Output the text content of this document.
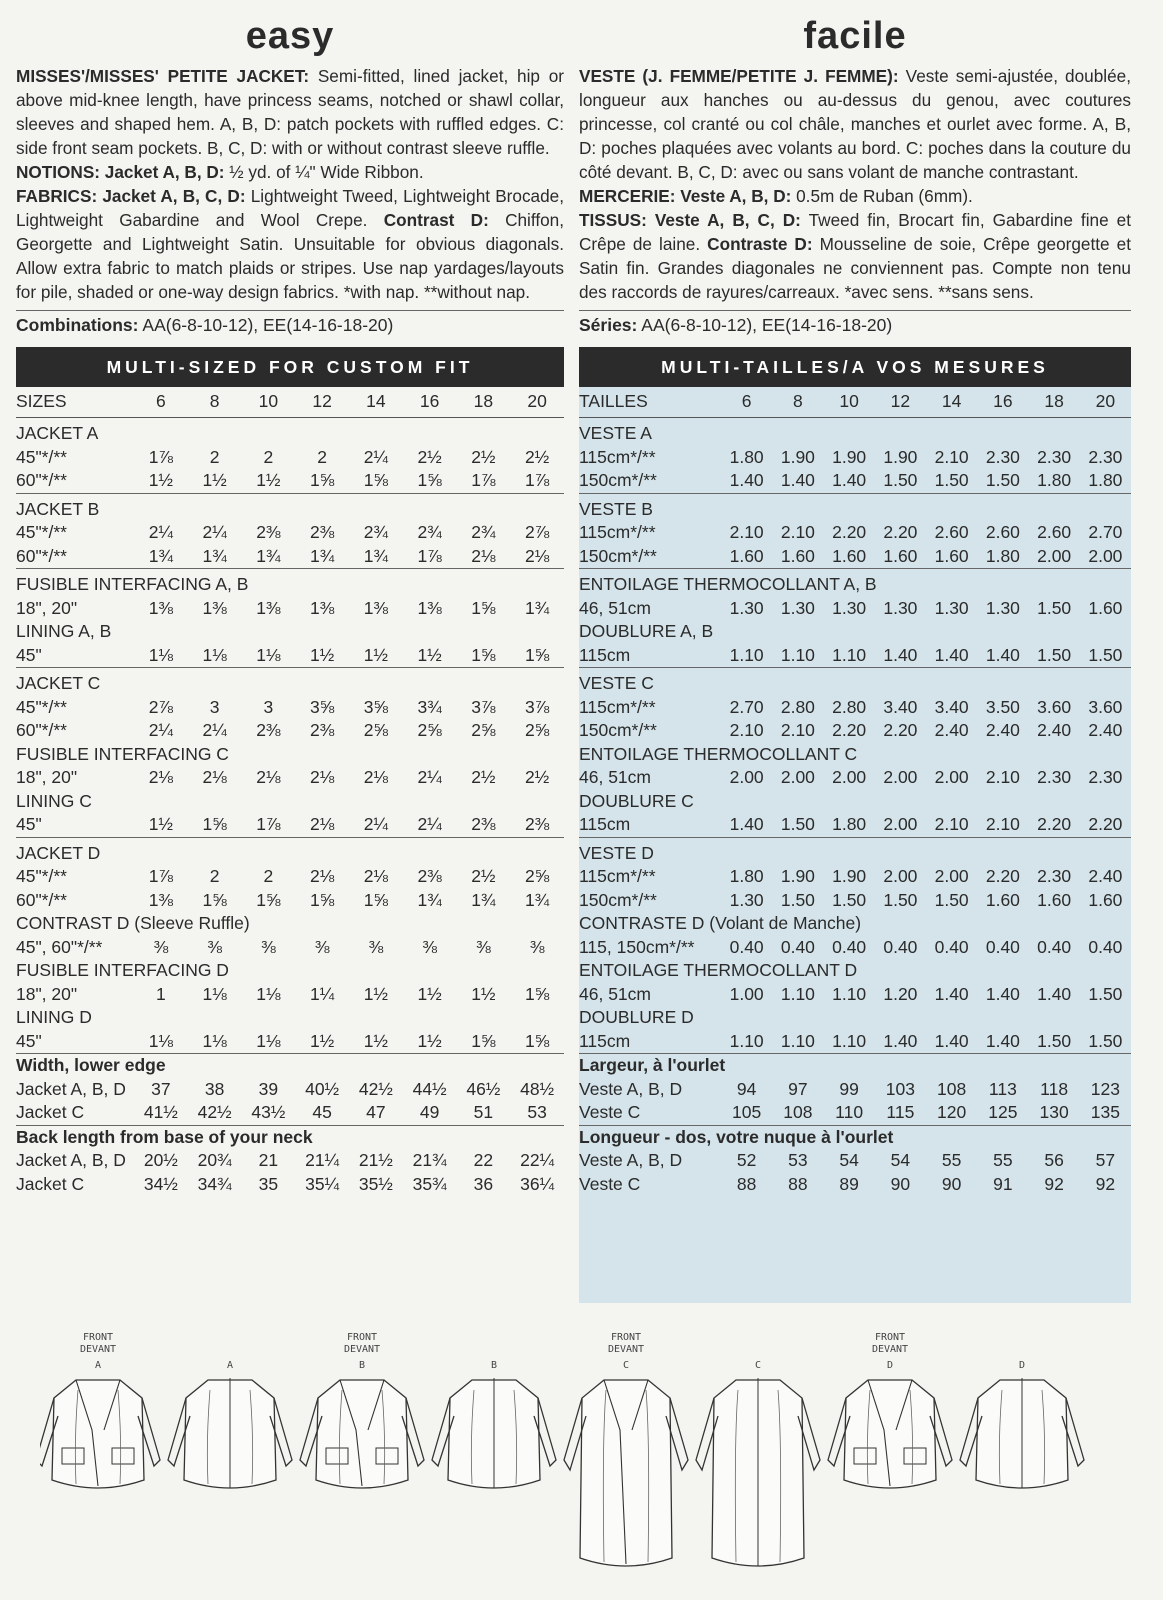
easy
MISSES'/MISSES' PETITE JACKET: Semi-fitted, lined jacket, hip or above mid-knee length, have princess seams, notched or shawl collar, sleeves and shaped hem. A, B, D: patch pockets with ruffled edges. C: side front seam pockets. B, C, D: with or without contrast sleeve ruffle.
NOTIONS: Jacket A, B, D: ½ yd. of ¼" Wide Ribbon.
FABRICS: Jacket A, B, C, D: Lightweight Tweed, Lightweight Brocade, Lightweight Gabardine and Wool Crepe. Contrast D: Chiffon, Georgette and Lightweight Satin. Unsuitable for obvious diagonals. Allow extra fabric to match plaids or stripes. Use nap yardages/layouts for pile, shaded or one-way design fabrics. *with nap. **without nap.
Combinations: AA(6-8-10-12), EE(14-16-18-20)
MULTI-SIZED FOR CUSTOM FIT
SIZES	6	8	10	12	14	16	18	20
JACKET A								
45"*/**	1⅞	2	2	2	2¼	2½	2½	2½
60"*/**	1½	1½	1½	1⅝	1⅝	1⅝	1⅞	1⅞
JACKET B								
45"*/**	2¼	2¼	2⅜	2⅜	2¾	2¾	2¾	2⅞
60"*/**	1¾	1¾	1¾	1¾	1¾	1⅞	2⅛	2⅛
FUSIBLE INTERFACING A, B								
18", 20"	1⅜	1⅜	1⅜	1⅜	1⅜	1⅜	1⅝	1¾
LINING A, B								
45"	1⅛	1⅛	1⅛	1½	1½	1½	1⅝	1⅝
JACKET C								
45"*/**	2⅞	3	3	3⅝	3⅝	3¾	3⅞	3⅞
60"*/**	2¼	2¼	2⅜	2⅜	2⅝	2⅝	2⅝	2⅝
FUSIBLE INTERFACING C								
18", 20"	2⅛	2⅛	2⅛	2⅛	2⅛	2¼	2½	2½
LINING C								
45"	1½	1⅝	1⅞	2⅛	2¼	2¼	2⅜	2⅜
JACKET D								
45"*/**	1⅞	2	2	2⅛	2⅛	2⅜	2½	2⅝
60"*/**	1⅜	1⅝	1⅝	1⅝	1⅝	1¾	1¾	1¾
CONTRAST D (Sleeve Ruffle)								
45", 60"*/**	⅜	⅜	⅜	⅜	⅜	⅜	⅜	⅜
FUSIBLE INTERFACING D								
18", 20"	1	1⅛	1⅛	1¼	1½	1½	1½	1⅝
LINING D								
45"	1⅛	1⅛	1⅛	1½	1½	1½	1⅝	1⅝
Width, lower edge								
Jacket A, B, D	37	38	39	40½	42½	44½	46½	48½
Jacket C	41½	42½	43½	45	47	49	51	53
Back length from base of your neck								
Jacket A, B, D	20½	20¾	21	21¼	21½	21¾	22	22¼
Jacket C	34½	34¾	35	35¼	35½	35¾	36	36¼
facile
VESTE (J. FEMME/PETITE J. FEMME): Veste semi-ajustée, doublée, longueur aux hanches ou au-dessus du genou, avec coutures princesse, col cranté ou col châle, manches et ourlet avec forme. A, B, D: poches plaquées avec volants au bord. C: poches dans la couture du côté devant. B, C, D: avec ou sans volant de manche contrastant.
MERCERIE: Veste A, B, D: 0.5m de Ruban (6mm).
TISSUS: Veste A, B, C, D: Tweed fin, Brocart fin, Gabardine fine et Crêpe de laine. Contraste D: Mousseline de soie, Crêpe georgette et Satin fin. Grandes diagonales ne conviennent pas. Compte non tenu des raccords de rayures/carreaux. *avec sens. **sans sens.
Séries: AA(6-8-10-12), EE(14-16-18-20)
MULTI-TAILLES/A VOS MESURES
TAILLES	6	8	10	12	14	16	18	20
VESTE A								
115cm*/**	1.80	1.90	1.90	1.90	2.10	2.30	2.30	2.30
150cm*/**	1.40	1.40	1.40	1.50	1.50	1.50	1.80	1.80
VESTE B								
115cm*/**	2.10	2.10	2.20	2.20	2.60	2.60	2.60	2.70
150cm*/**	1.60	1.60	1.60	1.60	1.60	1.80	2.00	2.00
ENTOILAGE THERMOCOLLANT A, B								
46, 51cm	1.30	1.30	1.30	1.30	1.30	1.30	1.50	1.60
DOUBLURE A, B								
115cm	1.10	1.10	1.10	1.40	1.40	1.40	1.50	1.50
VESTE C								
115cm*/**	2.70	2.80	2.80	3.40	3.40	3.50	3.60	3.60
150cm*/**	2.10	2.10	2.20	2.20	2.40	2.40	2.40	2.40
ENTOILAGE THERMOCOLLANT C								
46, 51cm	2.00	2.00	2.00	2.00	2.00	2.10	2.30	2.30
DOUBLURE C								
115cm	1.40	1.50	1.80	2.00	2.10	2.10	2.20	2.20
VESTE D								
115cm*/**	1.80	1.90	1.90	2.00	2.00	2.20	2.30	2.40
150cm*/**	1.30	1.50	1.50	1.50	1.50	1.60	1.60	1.60
CONTRASTE D (Volant de Manche)								
115, 150cm*/**	0.40	0.40	0.40	0.40	0.40	0.40	0.40	0.40
ENTOILAGE THERMOCOLLANT D								
46, 51cm	1.00	1.10	1.10	1.20	1.40	1.40	1.40	1.50
DOUBLURE D								
115cm	1.10	1.10	1.10	1.40	1.40	1.40	1.50	1.50
Largeur, à l'ourlet								
Veste A, B, D	94	97	99	103	108	113	118	123
Veste C	105	108	110	115	120	125	130	135
Longueur - dos, votre nuque à l'ourlet								
Veste A, B, D	52	53	54	54	55	55	56	57
Veste C	88	88	89	90	90	91	92	92
FRONT
DEVANT
A	A
FRONT
DEVANT
B	B
FRONT
DEVANT
C	C
FRONT
DEVANT
D	D
